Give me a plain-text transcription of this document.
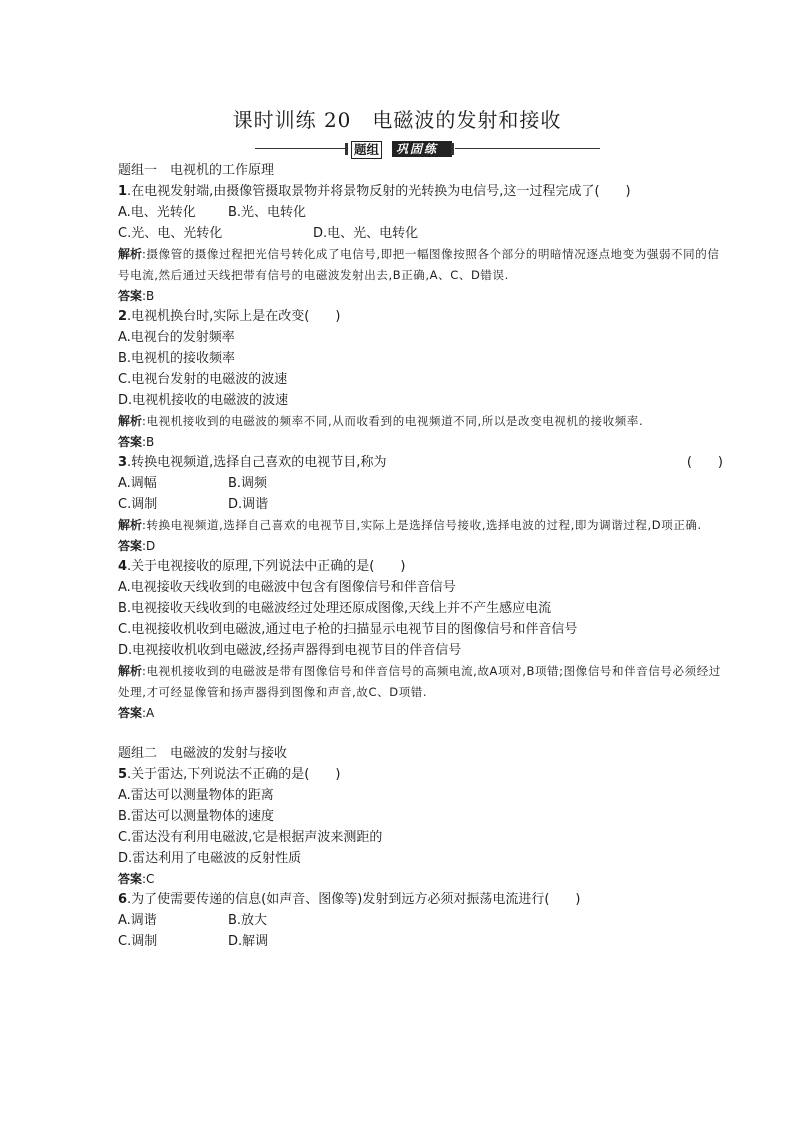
课时训练 20　电磁波的发射和接收
题组	巩固练
题组一　电视机的工作原理
1.在电视发射端,由摄像管摄取景物并将景物反射的光转换为电信号,这一过程完成了(　　)
A.电、光转化 B.光、电转化
C.光、电、光转化	D.电、光、电转化
解析:摄像管的摄像过程把光信号转化成了电信号,即把一幅图像按照各个部分的明暗情况逐点地变为强弱不同的信号电流,然后通过天线把带有信号的电磁波发射出去,B正确,A、C、D错误.
答案:B
2.电视机换台时,实际上是在改变(　　)
A.电视台的发射频率
B.电视机的接收频率
C.电视台发射的电磁波的波速
D.电视机接收的电磁波的波速
解析:电视机接收到的电磁波的频率不同,从而收看到的电视频道不同,所以是改变电视机的接收频率.
答案:B
3.转换电视频道,选择自己喜欢的电视节目,称为	(　　)
A.调幅	B.调频
C.调制	D.调谐
解析:转换电视频道,选择自己喜欢的电视节目,实际上是选择信号接收,选择电波的过程,即为调谐过程,D项正确.
答案:D
4.关于电视接收的原理,下列说法中正确的是(　　)
A.电视接收天线收到的电磁波中包含有图像信号和伴音信号
B.电视接收天线收到的电磁波经过处理还原成图像,天线上并不产生感应电流
C.电视接收机收到电磁波,通过电子枪的扫描显示电视节目的图像信号和伴音信号
D.电视接收机收到电磁波,经扬声器得到电视节目的伴音信号
解析:电视机接收到的电磁波是带有图像信号和伴音信号的高频电流,故A项对,B项错;图像信号和伴音信号必须经过处理,才可经显像管和扬声器得到图像和声音,故C、D项错.
答案:A
题组二　电磁波的发射与接收
5.关于雷达,下列说法不正确的是(　　)
A.雷达可以测量物体的距离
B.雷达可以测量物体的速度
C.雷达没有利用电磁波,它是根据声波来测距的
D.雷达利用了电磁波的反射性质
答案:C
6.为了使需要传递的信息(如声音、图像等)发射到远方必须对振荡电流进行(　　)
A.调谐	B.放大
C.调制	D.解调
